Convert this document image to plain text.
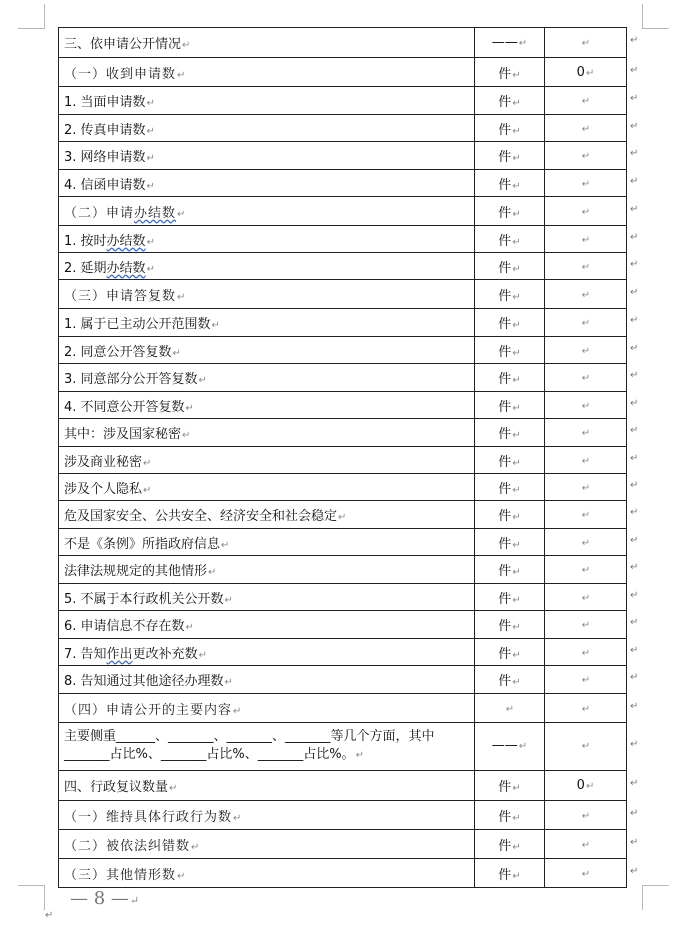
三、依申请公开情况↵	——↵	↵
（一）收到申请数↵	件↵	0↵
1. 当面申请数↵	件↵	↵
2. 传真申请数↵	件↵	↵
3. 网络申请数↵	件↵	↵
4. 信函申请数↵	件↵	↵
（二）申请办结数↵	件↵	↵
1. 按时办结数↵	件↵	↵
2. 延期办结数↵	件↵	↵
（三）申请答复数↵	件↵	↵
1. 属于已主动公开范围数↵	件↵	↵
2. 同意公开答复数↵	件↵	↵
3. 同意部分公开答复数↵	件↵	↵
4. 不同意公开答复数↵	件↵	↵
其中：涉及国家秘密↵	件↵	↵
涉及商业秘密↵	件↵	↵
涉及个人隐私↵	件↵	↵
危及国家安全、公共安全、经济安全和社会稳定↵	件↵	↵
不是《条例》所指政府信息↵	件↵	↵
法律法规规定的其他情形↵	件↵	↵
5. 不属于本行政机关公开数↵	件↵	↵
6. 申请信息不存在数↵	件↵	↵
7. 告知作出更改补充数↵	件↵	↵
8. 告知通过其他途径办理数↵	件↵	↵
（四）申请公开的主要内容↵	↵	↵
主要侧重______、_______、_______、_______等几个方面，其中_______占比%、_______占比%、_______占比%。↵	——↵	↵
四、行政复议数量↵	件↵	0↵
（一）维持具体行政行为数↵	件↵	↵
（二）被依法纠错数↵	件↵	↵
（三）其他情形数↵	件↵	↵
↵
↵
↵
↵
↵
↵
↵
↵
↵
↵
↵
↵
↵
↵
↵
↵
↵
↵
↵
↵
↵
↵
↵
↵
↵
↵
↵
↵
↵
↵
— 8 —↵
↵
